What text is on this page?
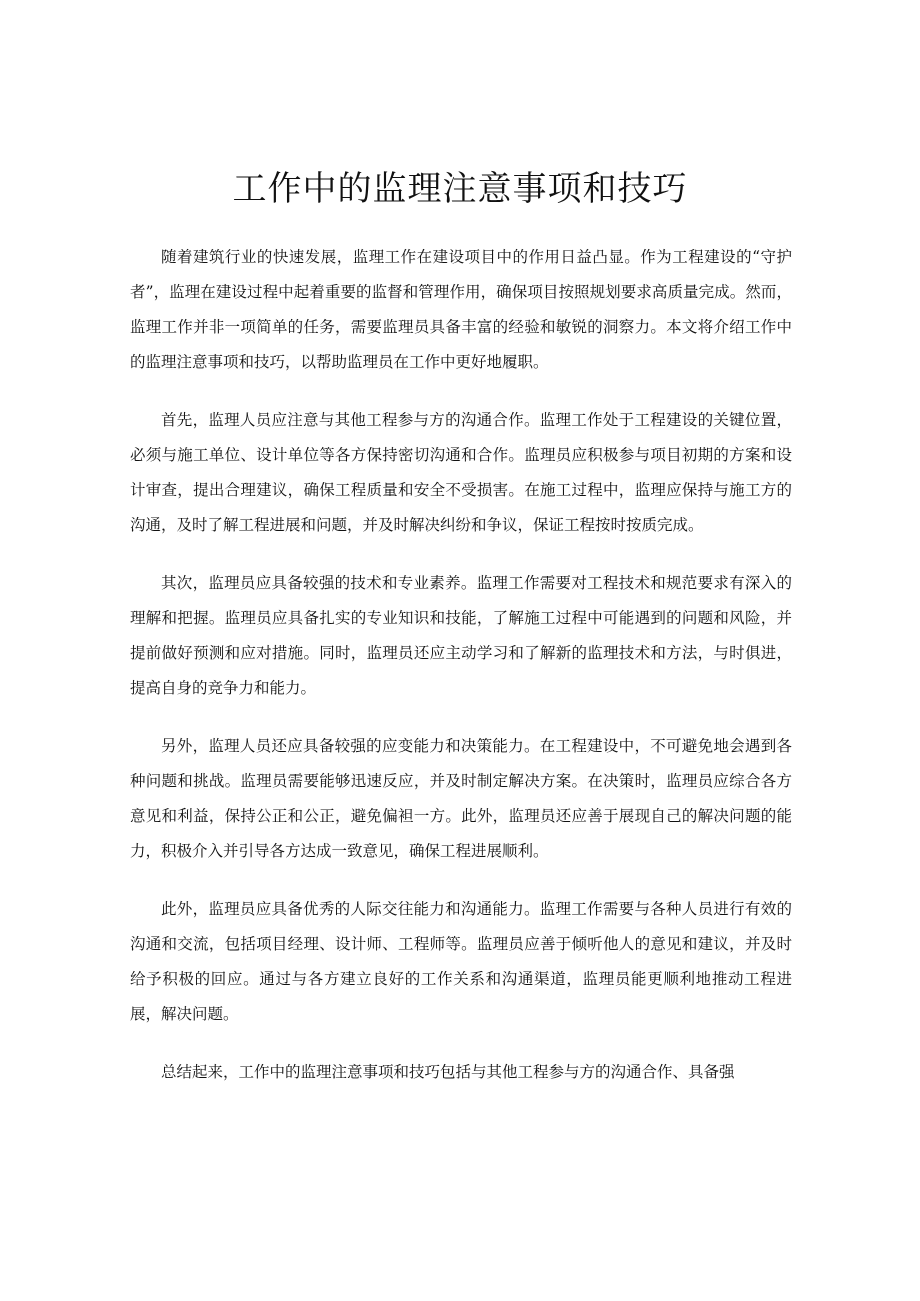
工作中的监理注意事项和技巧

随着建筑行业的快速发展，监理工作在建设项目中的作用日益凸显。作为工程建设的“守护者”，监理在建设过程中起着重要的监督和管理作用，确保项目按照规划要求高质量完成。然而，监理工作并非一项简单的任务，需要监理员具备丰富的经验和敏锐的洞察力。本文将介绍工作中的监理注意事项和技巧，以帮助监理员在工作中更好地履职。

首先，监理人员应注意与其他工程参与方的沟通合作。监理工作处于工程建设的关键位置，必须与施工单位、设计单位等各方保持密切沟通和合作。监理员应积极参与项目初期的方案和设计审查，提出合理建议，确保工程质量和安全不受损害。在施工过程中，监理应保持与施工方的沟通，及时了解工程进展和问题，并及时解决纠纷和争议，保证工程按时按质完成。

其次，监理员应具备较强的技术和专业素养。监理工作需要对工程技术和规范要求有深入的理解和把握。监理员应具备扎实的专业知识和技能，了解施工过程中可能遇到的问题和风险，并提前做好预测和应对措施。同时，监理员还应主动学习和了解新的监理技术和方法，与时俱进，提高自身的竞争力和能力。

另外，监理人员还应具备较强的应变能力和决策能力。在工程建设中，不可避免地会遇到各种问题和挑战。监理员需要能够迅速反应，并及时制定解决方案。在决策时，监理员应综合各方意见和利益，保持公正和公正，避免偏袒一方。此外，监理员还应善于展现自己的解决问题的能力，积极介入并引导各方达成一致意见，确保工程进展顺利。

此外，监理员应具备优秀的人际交往能力和沟通能力。监理工作需要与各种人员进行有效的沟通和交流，包括项目经理、设计师、工程师等。监理员应善于倾听他人的意见和建议，并及时给予积极的回应。通过与各方建立良好的工作关系和沟通渠道，监理员能更顺利地推动工程进展，解决问题。

总结起来，工作中的监理注意事项和技巧包括与其他工程参与方的沟通合作、具备强
